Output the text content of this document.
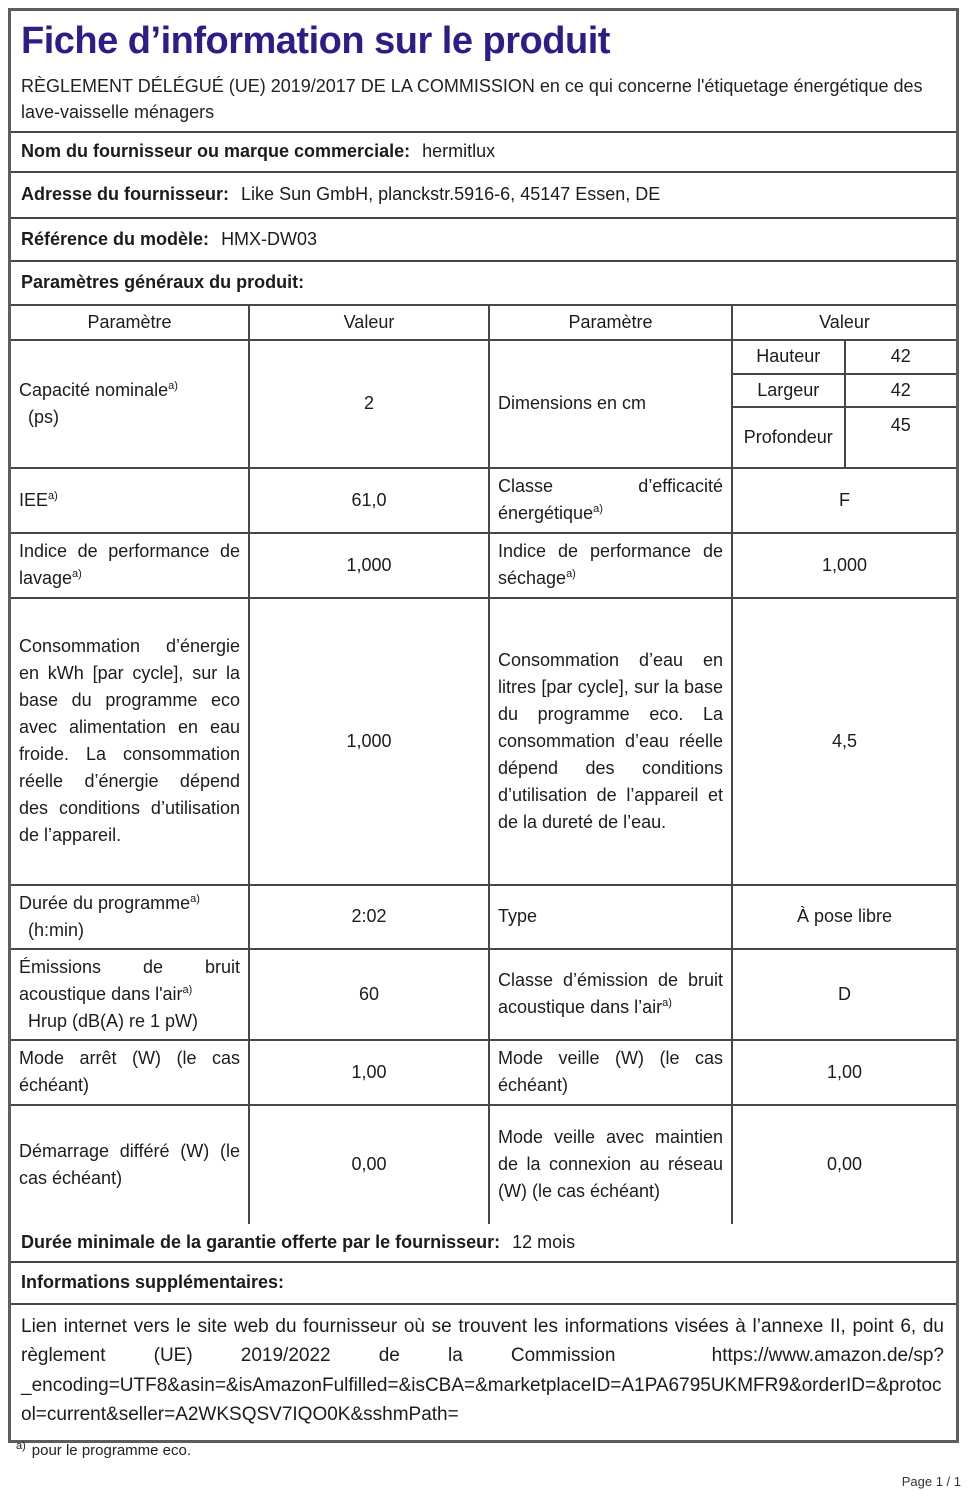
Fiche d’information sur le produit
RÈGLEMENT DÉLÉGUÉ (UE) 2019/2017 DE LA COMMISSION en ce qui concerne l'étiquetage énergétique des lave-vaisselle ménagers
Nom du fournisseur ou marque commerciale: hermitlux
Adresse du fournisseur: Like Sun GmbH, planckstr.5916-6, 45147 Essen, DE
Référence du modèle: HMX-DW03
Paramètres généraux du produit:
Paramètre	Valeur	Paramètre	Valeur
Capacité nominale$^{a)}$
(ps)
	2	Dimensions en cm	
Hauteur	42
Largeur	42
Profondeur	45

IEE$^{a)}$	61,0	Classe d’efficacité énergétique$^{a)}$	F
Indice de performance de lavage$^{a)}$	1,000	Indice de performance de séchage$^{a)}$	1,000
Consommation d’énergie en kWh [par cycle], sur la base du programme eco avec alimentation en eau froide. La consommation réelle d’énergie dépend des conditions d’utilisation de l’appareil.	1,000	Consommation d’eau en litres [par cycle], sur la base du programme eco. La consommation d’eau réelle dépend des conditions d’utilisation de l’appareil et de la dureté de l’eau.	4,5
Durée du programme$^{a)}$
(h:min)
	2:02	Type	À pose libre
Émissions de bruit acoustique dans l'air$^{a)}$
Hrup (dB(A) re 1 pW)
	60	Classe d’émission de bruit acoustique dans l’air$^{a)}$	D
Mode arrêt (W) (le cas échéant)	1,00	Mode veille (W) (le cas échéant)	1,00
Démarrage différé (W) (le cas échéant)	0,00	Mode veille avec maintien de la connexion au réseau (W) (le cas échéant)	0,00
Durée minimale de la garantie offerte par le fournisseur: 12 mois
Informations supplémentaires:
Lien internet vers le site web du fournisseur où se trouvent les informations visées à l’annexe II, point 6, du règlement (UE) 2019/2022 de la Commission  https://www.amazon.de/sp?_encoding=UTF8&asin=&isAmazonFulfilled=&isCBA=&marketplaceID=A1PA6795UKMFR9&orderID=&protocol=current&seller=A2WKSQSV7IQO0K&sshmPath=
$^{a)}$ pour le programme eco.
Page 1 / 1
